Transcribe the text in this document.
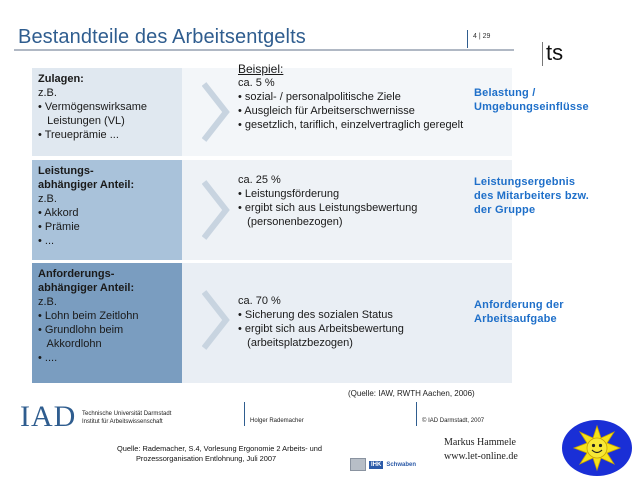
Bestandteile des Arbeitsentgelts	4 | 29
ts
Zulagen:
z.B.
• Vermögenswirksame
Leistungen (VL)
• Treueprämie ...
Leistungs-
abhängiger Anteil:
z.B.
• Akkord
• Prämie
• ...
Anforderungs-
abhängiger Anteil:
z.B.
• Lohn beim Zeitlohn
• Grundlohn beim
Akkordlohn
• ....
Beispiel:
ca. 5 %
• sozial- / personalpolitische Ziele
• Ausgleich für Arbeitserschwernisse
• gesetzlich, tariflich, einzelvertraglich geregelt
ca. 25 %
• Leistungsförderung
• ergibt sich aus Leistungsbewertung
(personenbezogen)
ca. 70 %
• Sicherung des sozialen Status
• ergibt sich aus Arbeitsbewertung
(arbeitsplatzbezogen)
Belastung /
Umgebungseinflüsse
Leistungsergebnis
des Mitarbeiters bzw.
der Gruppe
Anforderung der
Arbeitsaufgabe
(Quelle: IAW, RWTH Aachen, 2006)
IAD Technische Universität Darmstadt
Institut für Arbeitswissenschaft	Holger Rademacher	© IAD Darmstadt, 2007
Quelle: Rademacher, S.4, Vorlesung Ergonomie 2 Arbeits- und
Prozessorganisation Entlohnung, Juli 2007
IHK Schwaben
Markus Hammele
www.let-online.de
